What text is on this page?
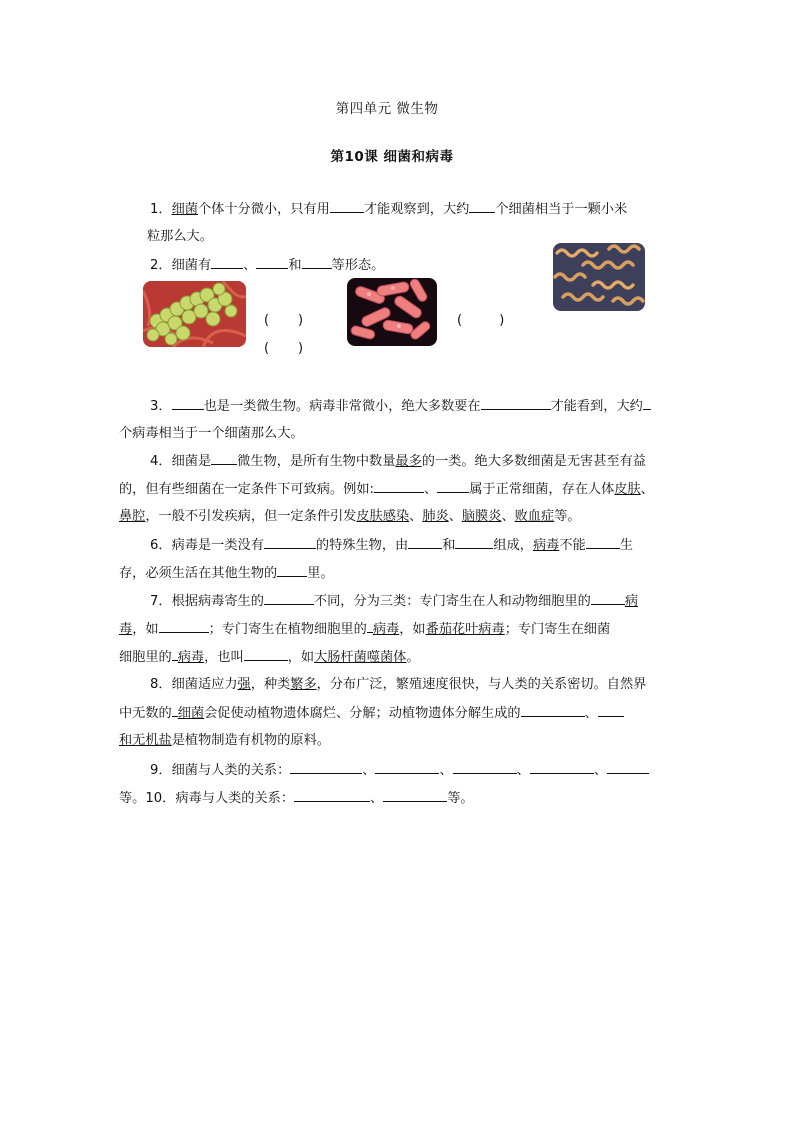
第四单元 微生物
第10课 细菌和病毒
1．细菌个体十分微小，只有用	才能观察到，大约 个细菌相当于一颗小米
粒那么大。
2．细菌有 、 和 等形态。
(       )	(         )
(       )
3． 也是一类微生物。病毒非常微小，绝大多数要在	才能看到，大约
个病毒相当于一个细菌那么大。
4．细菌是 微生物，是所有生物中数量最多的一类。绝大多数细菌是无害甚至有益
的，但有些细菌在一定条件下可致病。例如:	、 属于正常细菌，存在人体皮肤、
鼻腔，一般不引发疾病，但一定条件引发皮肤感染、肺炎、脑膜炎、败血症等。
6．病毒是一类没有	的特殊生物，由	和	组成，病毒不能	生
存，必须生活在其他生物的 里。
7．根据病毒寄生的	不同，分为三类：专门寄生在人和动物细胞里的	病
毒，如	；专门寄生在植物细胞里的 病毒，如番茄花叶病毒；专门寄生在细菌
细胞里的 病毒，也叫	，如大肠杆菌噬菌体。
8．细菌适应力强，种类繁多，分布广泛，繁殖速度很快，与人类的关系密切。自然界
中无数的 细菌会促使动植物遗体腐烂、分解；动植物遗体分解生成的	、
和无机盐是植物制造有机物的原料。
9．细菌与人类的关系：	、	、	、	、
等。10．病毒与人类的关系：	、	等。
